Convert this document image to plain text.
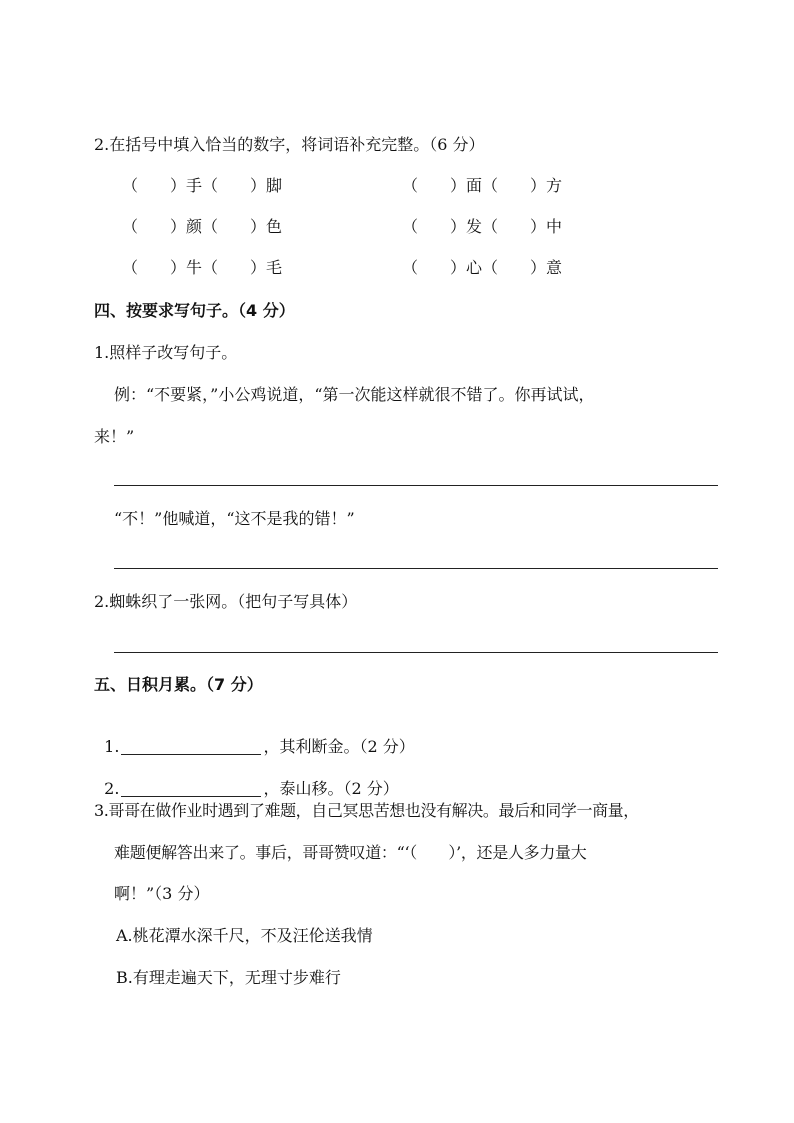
2.在括号中填入恰当的数字，将词语补充完整。（6 分）
（　　）手（　　）脚	（　　）面（　　）方
（　　）颜（　　）色	（　　）发（　　）中
（　　）牛（　　）毛	（　　）心（　　）意
四、按要求写句子。（4 分）
1.照样子改写句子。
例：“不要紧，”小公鸡说道，“第一次能这样就很不错了。你再试试，
来！”
“不！”他喊道，“这不是我的错！”
2.蜘蛛织了一张网。（把句子写具体）
五、日积月累。（7 分）

1.	，其利断金。（2 分）

2.	，泰山移。（2 分）

3.哥哥在做作业时遇到了难题，自己冥思苦想也没有解决。最后和同学一商量，
难题便解答出来了。事后，哥哥赞叹道：“‘（　　）’，还是人多力量大
啊！”（3 分）
A.桃花潭水深千尺，不及汪伦送我情
B.有理走遍天下，无理寸步难行
